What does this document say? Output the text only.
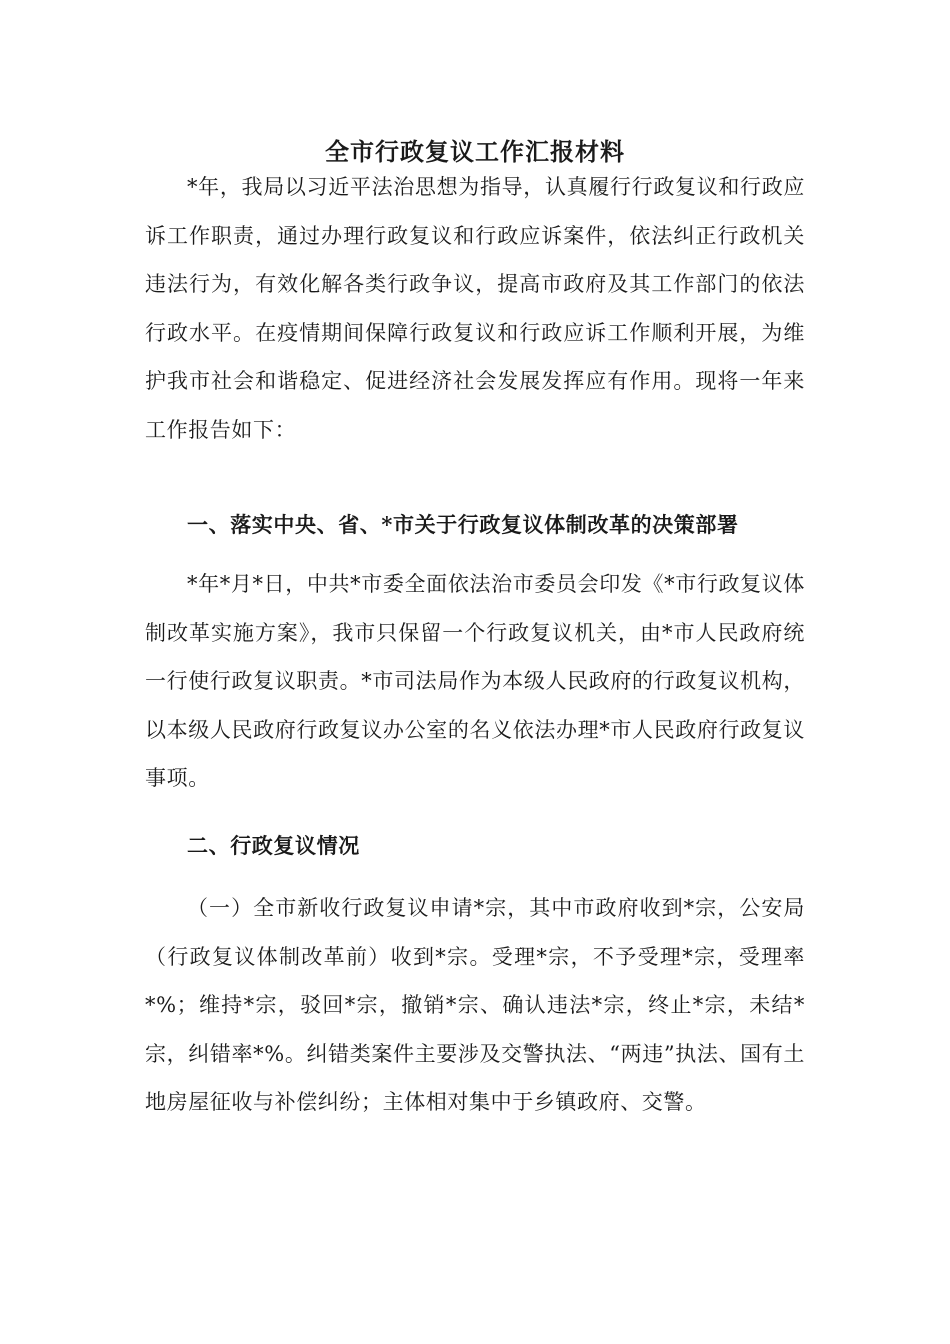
全市行政复议工作汇报材料

*年，我局以习近平法治思想为指导，认真履行行政复议和行政应诉工作职责，通过办理行政复议和行政应诉案件，依法纠正行政机关违法行为，有效化解各类行政争议，提高市政府及其工作部门的依法行政水平。在疫情期间保障行政复议和行政应诉工作顺利开展，为维护我市社会和谐稳定、促进经济社会发展发挥应有作用。现将一年来工作报告如下：

一、落实中央、省、*市关于行政复议体制改革的决策部署

*年*月*日，中共*市委全面依法治市委员会印发《*市行政复议体制改革实施方案》，我市只保留一个行政复议机关，由*市人民政府统一行使行政复议职责。*市司法局作为本级人民政府的行政复议机构，以本级人民政府行政复议办公室的名义依法办理*市人民政府行政复议事项。

二、行政复议情况

（一）全市新收行政复议申请*宗，其中市政府收到*宗，公安局（行政复议体制改革前）收到*宗。受理*宗，不予受理*宗，受理率*%；维持*宗，驳回*宗，撤销*宗、确认违法*宗，终止*宗，未结*宗，纠错率*%。纠错类案件主要涉及交警执法、“两违”执法、国有土地房屋征收与补偿纠纷；主体相对集中于乡镇政府、交警。
